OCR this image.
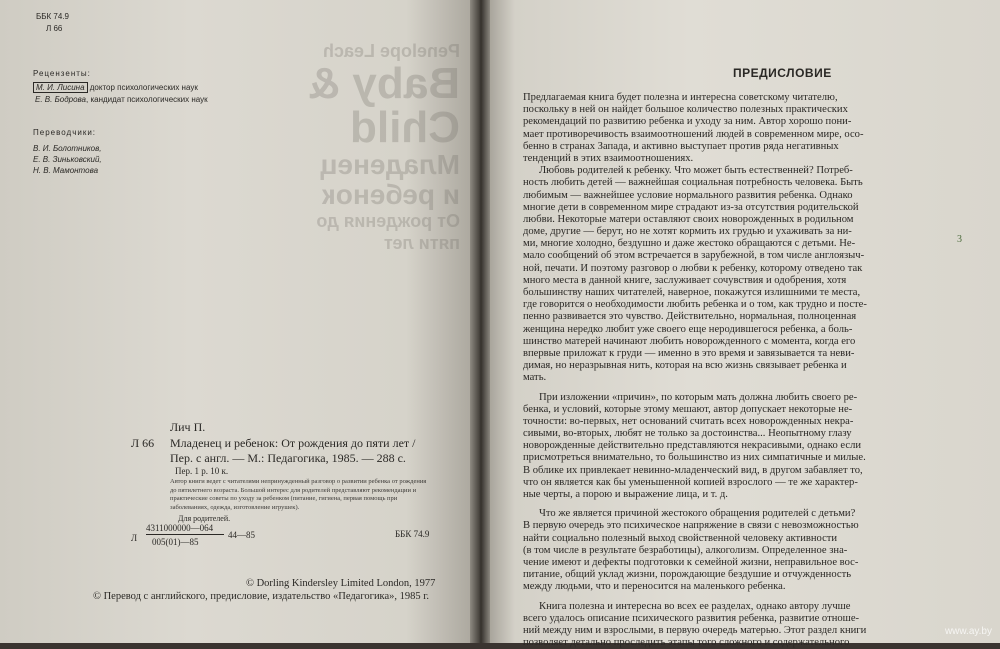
Penelope Leach
Baby & Child
Младенец и ребенок
От рождения до пяти лет
ББК 74.9
Л 66
Рецензенты:
М. И. Лисина доктор психологических наук
Е. В. Бодрова, кандидат психологических наук
Переводчики:
В. И. Болотников,
Е. В. Зиньковский,
Н. В. Мамонтова
Лич П.
Л 66 Младенец и ребенок: От рождения до пяти лет /
Пер. с англ. — М.: Педагогика, 1985. — 288 с.
Пер. 1 р. 10 к.
Автор книги ведет с читателями непринужденный разговор о развитии ребенка от рождения до пятилетнего возраста. Большой интерес для родителей представляют рекомендации и практические советы по уходу за ребенком (питание, гигиена, первая помощь при заболеваниях, одежда, изготовление игрушек).
Для родителей.
Л
4311000000—064
005(01)—85
44—85	ББК 74.9
© Dorling Kindersley Limited London, 1977
© Перевод с английского, предисловие, издательство «Педагогика», 1985 г.
ПРЕДИСЛОВИЕ
3
Предлагаемая книга будет полезна и интересна советскому читателю,
поскольку в ней он найдет большое количество полезных практических
рекомендаций по развитию ребенка и уходу за ним. Автор хорошо пони-
мает противоречивость взаимоотношений людей в современном мире, осо-
бенно в странах Запада, и активно выступает против ряда негативных
тенденций в этих взаимоотношениях.
Любовь родителей к ребенку. Что может быть естественней? Потреб-
ность любить детей — важнейшая социальная потребность человека. Быть
любимым — важнейшее условие нормального развития ребенка. Однако
многие дети в современном мире страдают из-за отсутствия родительской
любви. Некоторые матери оставляют своих новорожденных в родильном
доме, другие — берут, но не хотят кормить их грудью и ухаживать за ни-
ми, многие холодно, бездушно и даже жестоко обращаются с детьми. Не-
мало сообщений об этом встречается в зарубежной, в том числе англоязыч-
ной, печати. И поэтому разговор о любви к ребенку, которому отведено так
много места в данной книге, заслуживает сочувствия и одобрения, хотя
большинству наших читателей, наверное, покажутся излишними те места,
где говорится о необходимости любить ребенка и о том, как трудно и посте-
пенно развивается это чувство. Действительно, нормальная, полноценная
женщина нередко любит уже своего еще неродившегося ребенка, а боль-
шинство матерей начинают любить новорожденного с момента, когда его
впервые приложат к груди — именно в это время и завязывается та неви-
димая, но неразрывная нить, которая на всю жизнь связывает ребенка и
мать.
При изложении «причин», по которым мать должна любить своего ре-
бенка, и условий, которые этому мешают, автор допускает некоторые не-
точности: во-первых, нет оснований считать всех новорожденных некра-
сивыми, во-вторых, любят не только за достоинства... Неопытному глазу
новорожденные действительно представляются некрасивыми, однако если
присмотреться внимательно, то большинство из них симпатичные и милые.
В облике их привлекает невинно-младенческий вид, в другом забавляет то,
что он является как бы уменьшенной копией взрослого — те же характер-
ные черты, а порою и выражение лица, и т. д.
Что же является причиной жестокого обращения родителей с детьми?
В первую очередь это психическое напряжение в связи с невозможностью
найти социально полезный выход свойственной человеку активности
(в том числе в результате безработицы), алкоголизм. Определенное зна-
чение имеют и дефекты подготовки к семейной жизни, неправильное вос-
питание, общий уклад жизни, порождающие бездушие и отчужденность
между людьми, что и переносится на маленького ребенка.
Книга полезна и интересна во всех ее разделах, однако автору лучше
всего удалось описание психического развития ребенка, развитие отноше-
ний между ним и взрослыми, в первую очередь матерью. Этот раздел книги
позволяет детально проследить этапы того сложного и содержательного
www.ay.by
